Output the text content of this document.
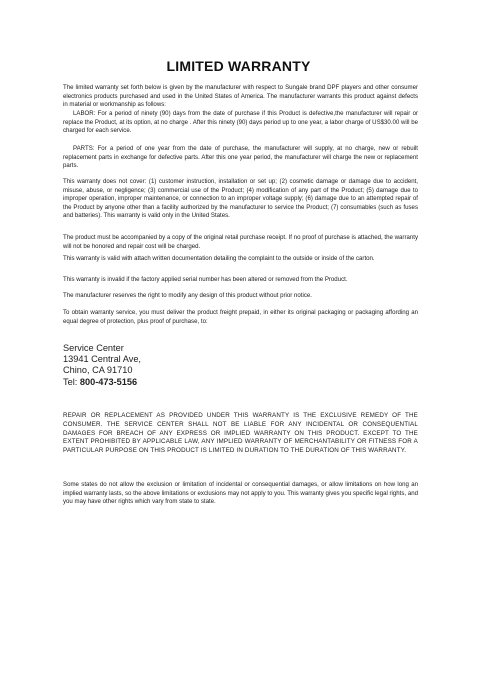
LIMITED WARRANTY

The limited warranty set forth below is given by the manufacturer with respect to Sungale brand DPF players and other consumer electronics products purchased and used in the United States of America. The manufacturer warrants this product against defects in material or workmanship as follows:

LABOR: For a period of ninety (90) days from the date of purchase if this Product is defective,the manufacturer will repair or replace the Product, at its option, at no charge . After this ninety (90) days period up to one year, a labor charge of US$30.00 will be charged for each service.

PARTS: For a period of one year from the date of purchase, the manufacturer will supply, at no charge, new or rebuilt replacement parts in exchange for defective parts. After this one year period, the manufacturer will charge the new or replacement parts.

This warranty does not cover: (1) customer instruction, installation or set up; (2) cosmetic damage or damage due to accident, misuse, abuse, or negligence; (3) commercial use of the Product; (4) modification of any part of the Product; (5) damage due to improper operation, improper maintenance, or connection to an improper voltage supply; (6) damage due to an attempted repair of the Product by anyone other than a facility authorized by the manufacturer to service the Product; (7) consumables (such as fuses and batteries). This warranty is valid only in the United States.

The product must be accompanied by a copy of the original retail purchase receipt. If no proof of purchase is attached, the warranty will not be honored and repair cost will be charged.

This warranty is valid with attach written documentation detailing the complaint to the outside or inside of the carton.

This warranty is invalid if the factory applied serial number has been altered or removed from the Product.

The manufacturer reserves the right to modify any design of this product without prior notice.

To obtain warranty service, you must deliver the product freight prepaid, in either its original packaging or packaging affording an equal degree of protection, plus proof of purchase, to:

Service Center
13941 Central Ave,
Chino, CA 91710
Tel: 800-473-5156

REPAIR OR REPLACEMENT AS PROVIDED UNDER THIS WARRANTY IS THE EXCLUSIVE REMEDY OF THE CONSUMER. THE SERVICE CENTER SHALL NOT BE LIABLE FOR ANY INCIDENTAL OR CONSEQUENTIAL DAMAGES FOR BREACH OF ANY EXPRESS OR IMPLIED WARRANTY ON THIS PRODUCT. EXCEPT TO THE EXTENT PROHIBITED BY APPLICABLE LAW, ANY IMPLIED WARRANTY OF MERCHANTABILITY OR FITNESS FOR A PARTICULAR PURPOSE ON THIS PRODUCT IS LIMITED IN DURATION TO THE DURATION OF THIS WARRANTY.

Some states do not allow the exclusion or limitation of incidental or consequential damages, or allow limitations on how long an implied warranty lasts, so the above limitations or exclusions may not apply to you. This warranty gives you specific legal rights, and you may have other rights which vary from state to state.
